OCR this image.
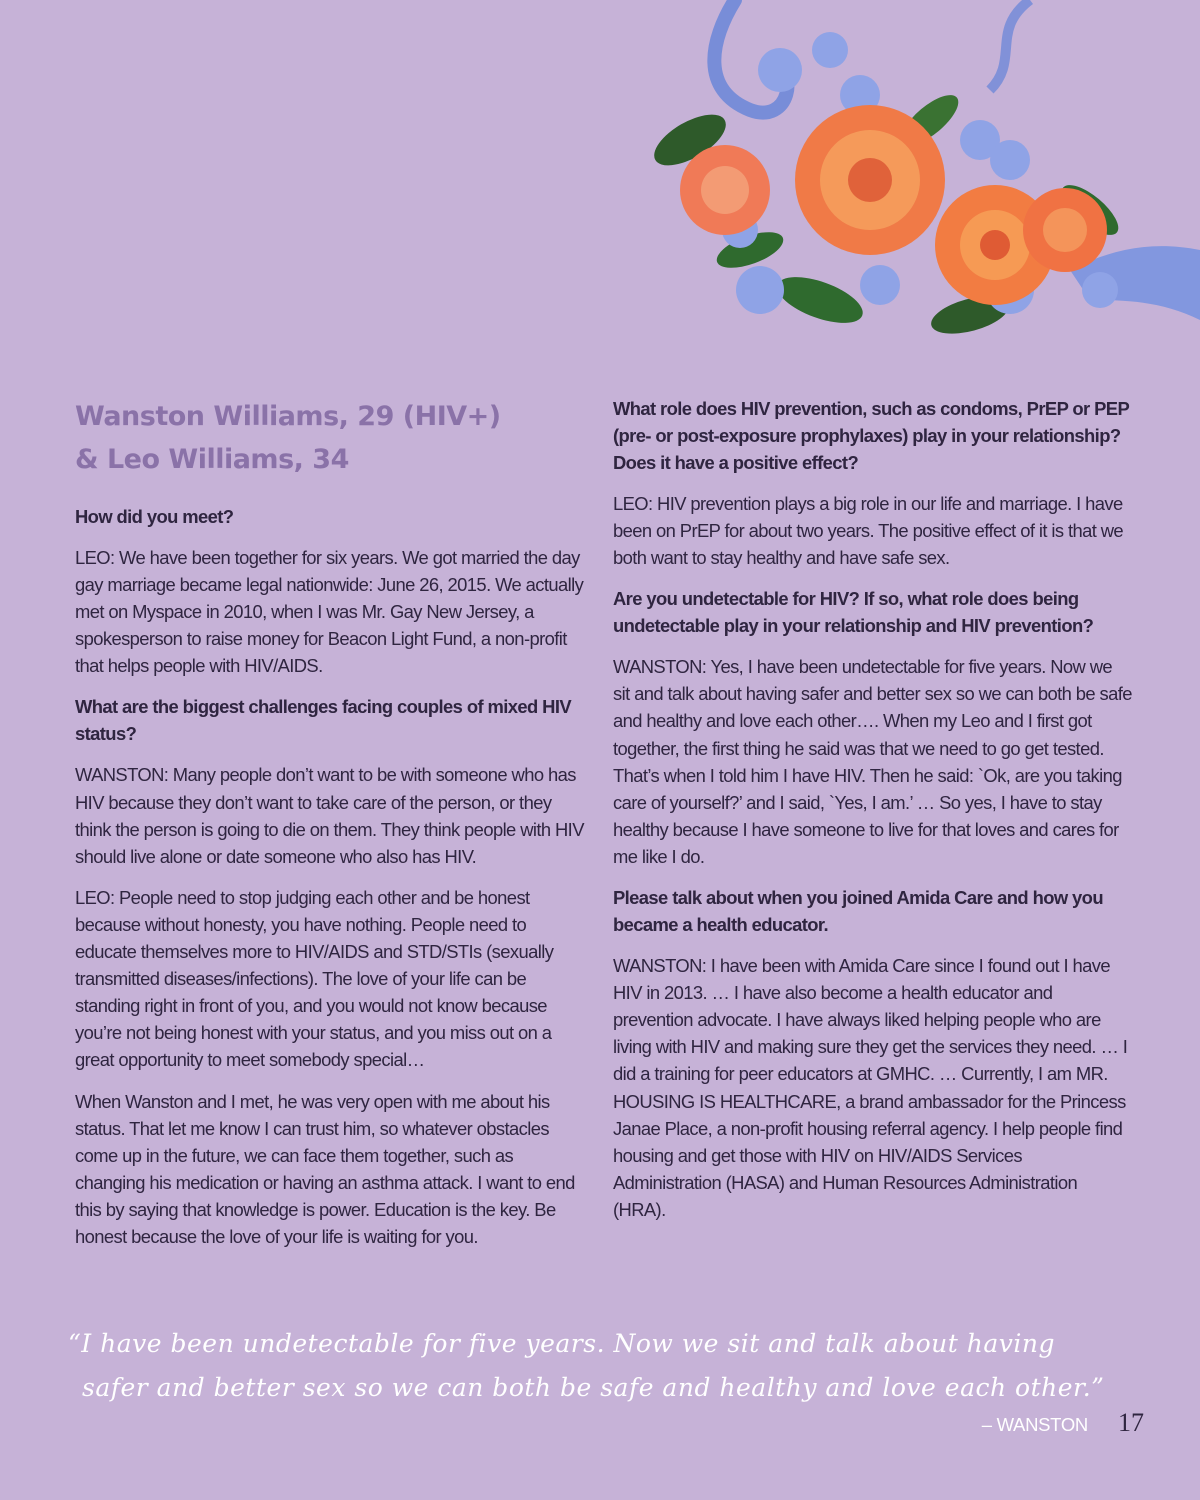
Wanston Williams, 29 (HIV+)
& Leo Williams, 34
How did you meet?
LEO: We have been together for six years. We got married the day gay marriage became legal nationwide: June 26, 2015. We actually met on Myspace in 2010, when I was Mr. Gay New Jersey, a spokesperson to raise money for Beacon Light Fund, a non-profit that helps people with HIV/AIDS.
What are the biggest challenges facing couples of mixed HIV status?
WANSTON: Many people don’t want to be with someone who has HIV because they don’t want to take care of the person, or they think the person is going to die on them. They think people with HIV should live alone or date someone who also has HIV.
LEO: People need to stop judging each other and be honest because without honesty, you have nothing. People need to educate themselves more to HIV/AIDS and STD/STIs (sexually transmitted diseases/infections). The love of your life can be standing right in front of you, and you would not know because you’re not being honest with your status, and you miss out on a great opportunity to meet somebody special…
When Wanston and I met, he was very open with me about his status. That let me know I can trust him, so whatever obstacles come up in the future, we can face them together, such as changing his medication or having an asthma attack. I want to end this by saying that knowledge is power. Education is the key. Be honest because the love of your life is waiting for you.
What role does HIV prevention, such as condoms, PrEP or PEP (pre- or post-exposure prophylaxes) play in your relationship? Does it have a positive effect?
LEO: HIV prevention plays a big role in our life and marriage. I have been on PrEP for about two years. The positive effect of it is that we both want to stay healthy and have safe sex.
Are you undetectable for HIV? If so, what role does being undetectable play in your relationship and HIV prevention?
WANSTON: Yes, I have been undetectable for five years. Now we sit and talk about having safer and better sex so we can both be safe and healthy and love each other…. When my Leo and I first got together, the first thing he said was that we need to go get tested. That’s when I told him I have HIV. Then he said: `Ok, are you taking care of yourself?’ and I said, `Yes, I am.’ … So yes, I have to stay healthy because I have someone to live for that loves and cares for me like I do.
Please talk about when you joined Amida Care and how you became a health educator.
WANSTON: I have been with Amida Care since I found out I have HIV in 2013. … I have also become a health educator and prevention advocate. I have always liked helping people who are living with HIV and making sure they get the services they need. … I did a training for peer educators at GMHC. … Currently, I am MR. HOUSING IS HEALTHCARE, a brand ambassador for the Princess Janae Place, a non-profit housing referral agency. I help people find housing and get those with HIV on HIV/AIDS Services Administration (HASA) and Human Resources Administration (HRA).
“I have been undetectable for five years. Now we sit and talk about having
safer and better sex so we can both be safe and healthy and love each other.”
– WANSTON 17
